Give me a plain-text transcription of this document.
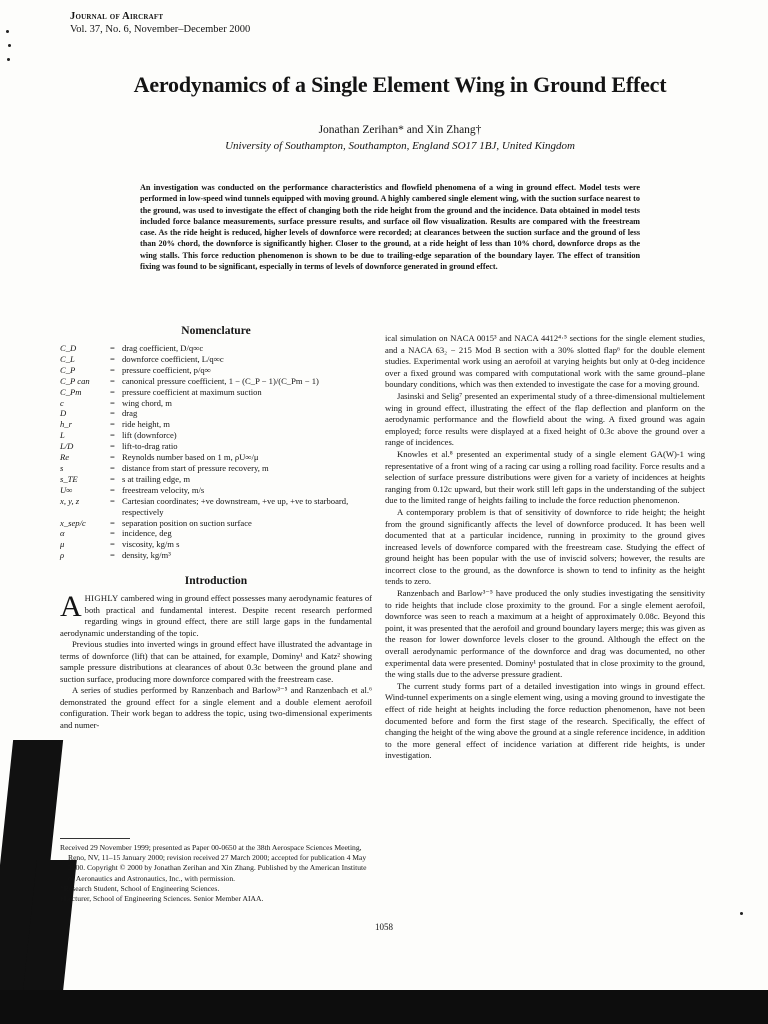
Journal of Aircraft
Vol. 37, No. 6, November–December 2000
Aerodynamics of a Single Element Wing in Ground Effect
Jonathan Zerihan* and Xin Zhang†
University of Southampton, Southampton, England SO17 1BJ, United Kingdom
An investigation was conducted on the performance characteristics and flowfield phenomena of a wing in ground effect. Model tests were performed in low-speed wind tunnels equipped with moving ground. A highly cambered single element wing, with the suction surface nearest to the ground, was used to investigate the effect of changing both the ride height from the ground and the incidence. Data obtained in model tests included force balance measurements, surface pressure results, and surface oil flow visualization. Results are compared with the freestream case. As the ride height is reduced, higher levels of downforce were recorded; at clearances between the suction surface and the ground of less than 20% chord, the downforce is significantly higher. Closer to the ground, at a ride height of less than 10% chord, downforce drops as the wing stalls. This force reduction phenomenon is shown to be due to trailing-edge separation of the boundary layer. The effect of transition fixing was found to be significant, especially in terms of levels of downforce generated in ground effect.
Nomenclature
C_D	= drag coefficient, D/q∞c
C_L	= downforce coefficient, L/q∞c
C_P	= pressure coefficient, p/q∞
C_P can	= canonical pressure coefficient, 1 − (C_P − 1)/(C_Pm − 1)
C_Pm	= pressure coefficient at maximum suction
c	= wing chord, m
D	= drag
h_r	= ride height, m
L	= lift (downforce)
L/D	= lift-to-drag ratio
Re	= Reynolds number based on 1 m, ρU∞/μ
s	= distance from start of pressure recovery, m
s_TE	= s at trailing edge, m
U∞	= freestream velocity, m/s
x, y, z	= Cartesian coordinates; +ve downstream, +ve up, +ve to starboard, respectively
x_sep/c	= separation position on suction surface
α	= incidence, deg
μ	= viscosity, kg/m s
ρ	= density, kg/m³
Introduction

AHIGHLY cambered wing in ground effect possesses many aerodynamic features of both practical and fundamental interest. Despite recent research performed regarding wings in ground effect, there are still large gaps in the fundamental aerodynamic understanding of the topic.

Previous studies into inverted wings in ground effect have illustrated the advantage in terms of downforce (lift) that can be attained, for example, Dominy¹ and Katz² showing sample pressure distributions at clearances of about 0.3c between the ground plane and suction surface, producing more downforce compared with the freestream case.

A series of studies performed by Ranzenbach and Barlow³⁻⁵ and Ranzenbach et al.⁶ demonstrated the ground effect for a single element and a double element aerofoil configuration. Their work began to address the topic, using two-dimensional experiments and numer-

ical simulation on NACA 0015³ and NACA 4412⁴·⁵ sections for the single element studies, and a NACA 63₂ − 215 Mod B section with a 30% slotted flap⁶ for the double element studies. Experimental work using an aerofoil at varying heights but only at 0-deg incidence over a fixed ground was compared with computational work with the same ground–plane boundary conditions, which was then extended to investigate the case for a moving ground.

Jasinski and Selig⁷ presented an experimental study of a three-dimensional multielement wing in ground effect, illustrating the effect of the flap deflection and planform on the aerodynamic performance and the flowfield about the wing. A fixed ground was again employed; force results were displayed at a fixed height of 0.3c above the ground over a range of incidences.

Knowles et al.⁸ presented an experimental study of a single element GA(W)-1 wing representative of a front wing of a racing car using a rolling road facility. Force results and a selection of surface pressure distributions were given for a variety of incidences at heights ranging from 0.12c upward, but their work still left gaps in the understanding of the subject due to the limited range of heights failing to include the force reduction phenomenon.

A contemporary problem is that of sensitivity of downforce to ride height; the height from the ground significantly affects the level of downforce produced. It has been well documented that at a particular incidence, running in proximity to the ground gives increased levels of downforce compared with the freestream case. Studying the effect of ground height has been popular with the use of inviscid solvers; however, the results are incorrect close to the ground, as the downforce is shown to tend to infinity as the height tends to zero.

Ranzenbach and Barlow³⁻⁵ have produced the only studies investigating the sensitivity to ride heights that include close proximity to the ground. For a single element aerofoil, downforce was seen to reach a maximum at a height of approximately 0.08c. Beyond this point, it was presented that the aerofoil and ground boundary layers merge; this was given as the reason for lower downforce levels closer to the ground. Although the effect on the overall aerodynamic performance of the downforce and drag was documented, no other experimental data were presented. Dominy¹ postulated that in close proximity to the ground, the wing stalls due to the adverse pressure gradient.

The current study forms part of a detailed investigation into wings in ground effect. Wind-tunnel experiments on a single element wing, using a moving ground to investigate the effect of ride height at heights including the force reduction phenomenon, have not been documented before and form the first stage of the research. Specifically, the effect of changing the height of the wing above the ground at a single reference incidence, in addition to the more general effect of incidence variation at different ride heights, is under investigation.

Received 29 November 1999; presented as Paper 00-0650 at the 38th Aerospace Sciences Meeting, Reno, NV, 11–15 January 2000; revision received 27 March 2000; accepted for publication 4 May 2000. Copyright © 2000 by Jonathan Zerihan and Xin Zhang. Published by the American Institute of Aeronautics and Astronautics, Inc., with permission.

*Research Student, School of Engineering Sciences.

†Lecturer, School of Engineering Sciences. Senior Member AIAA.

1058
